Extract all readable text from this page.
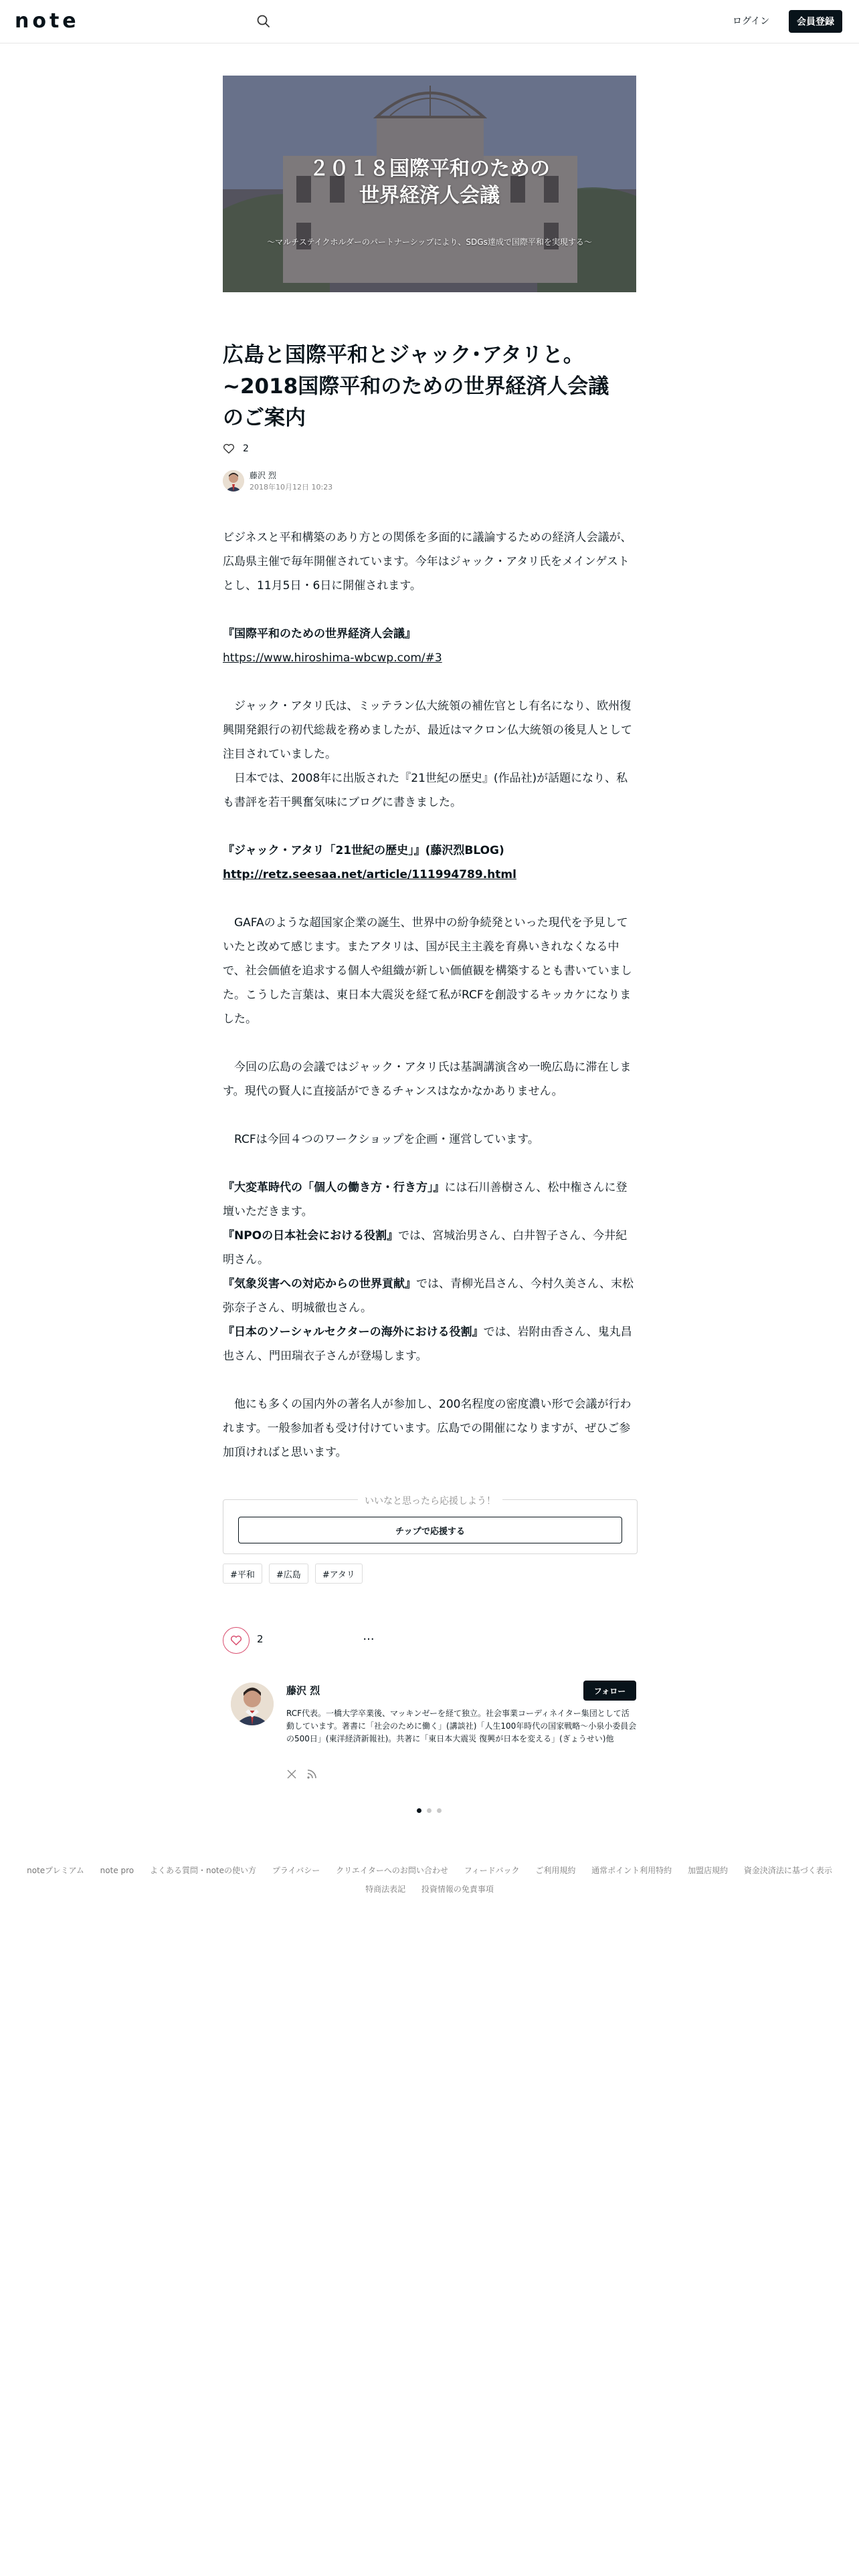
note	ログイン	会員登録
２０１８国際平和のための
世界経済人会議
〜マルチステイクホルダーのパートナーシップにより、SDGs達成で国際平和を実現する〜
広島と国際平和とジャック･アタリと。
~2018国際平和のための世界経済人会議
のご案内
2
藤沢 烈
2018年10月12日 10:23

ビジネスと平和構築のあり方との関係を多面的に議論するための経済人会議が、広島県主催で毎年開催されています。今年はジャック・アタリ氏をメインゲストとし、11月5日・6日に開催されます。

『国際平和のための世界経済人会議』

https://www.hiroshima-wbcwp.com/#3

　ジャック・アタリ氏は、ミッテラン仏大統領の補佐官とし有名になり、欧州復興開発銀行の初代総裁を務めましたが、最近はマクロン仏大統領の後見人として注目されていました。
　日本では、2008年に出版された『21世紀の歴史』(作品社)が話題になり、私も書評を若干興奮気味にブログに書きました。

『ジャック・アタリ「21世紀の歴史」』(藤沢烈BLOG)

http://retz.seesaa.net/article/111994789.html

　GAFAのような超国家企業の誕生、世界中の紛争続発といった現代を予見していたと改めて感じます。またアタリは、国が民主主義を育鼻いきれなくなる中で、社会価値を追求する個人や組織が新しい価値観を構築するとも書いていました。こうした言葉は、東日本大震災を経て私がRCFを創設するキッカケになりました。

　今回の広島の会議ではジャック・アタリ氏は基調講演含め一晩広島に滞在します。現代の賢人に直接話ができるチャンスはなかなかありません。

　RCFは今回４つのワークショップを企画・運営しています。

『大変革時代の「個人の働き方・行き方」』には石川善樹さん、松中権さんに登壇いただきます。

『NPOの日本社会における役割』では、宮城治男さん、白井智子さん、今井紀明さん。

『気象災害への対応からの世界貢献』では、青柳光昌さん、今村久美さん、末松弥奈子さん、明城徹也さん。

『日本のソーシャルセクターの海外における役割』では、岩附由香さん、鬼丸昌也さん、門田瑞衣子さんが登場します。

　他にも多くの国内外の著名人が参加し、200名程度の密度濃い形で会議が行われます。一般参加者も受け付けています。広島での開催になりますが、ぜひご参加頂ければと思います。

いいなと思ったら応援しよう！
チップで応援する
#平和	#広島	#アタリ
2	···
藤沢 烈	フォロー

RCF代表。一橋大学卒業後、マッキンゼーを経て独立。社会事業コーディネイター集団として活動しています。著書に「社会のために働く」(講談社)「人生100年時代の国家戦略〜小泉小委員会の500日」(東洋経済新報社)。共著に「東日本大震災 復興が日本を変える」(ぎょうせい)他

noteプレミアム note pro よくある質問・noteの使い方 プライバシー クリエイターへのお問い合わせ フィードバック ご利用規約 通常ポイント利用特約 加盟店規約 資金決済法に基づく表示
特商法表記 投資情報の免責事項
